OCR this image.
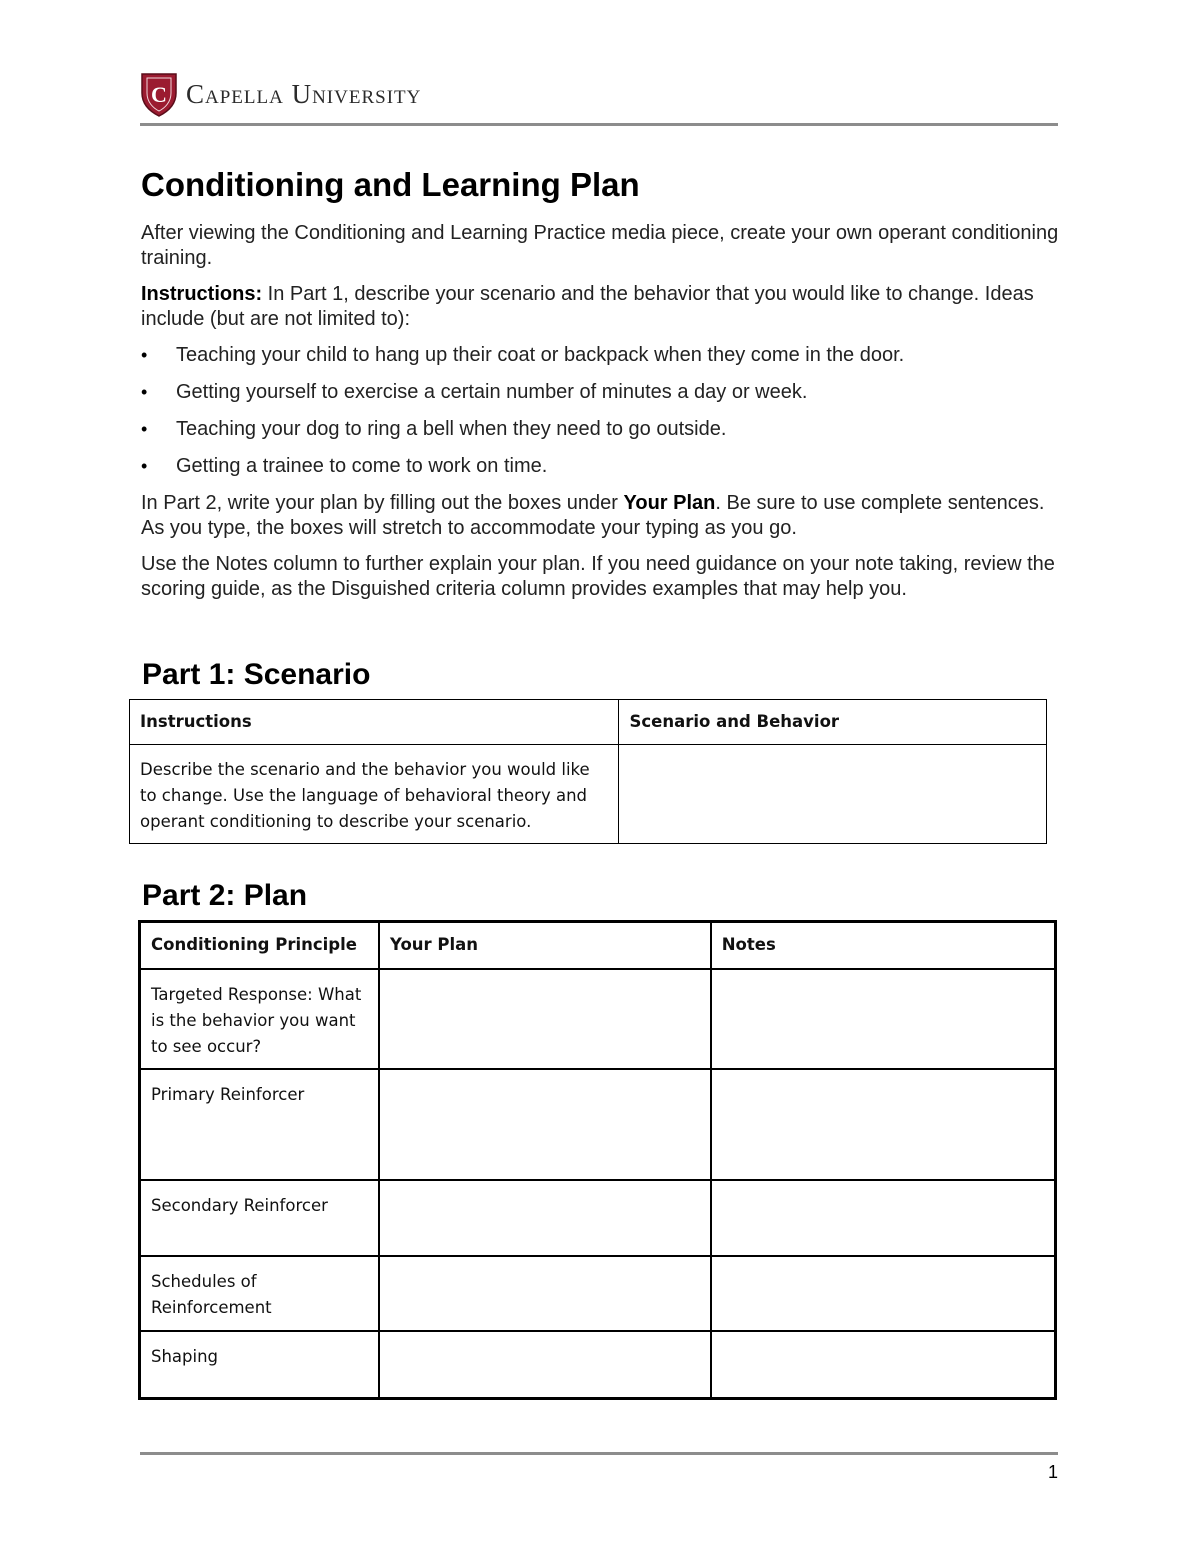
C Capella University
Conditioning and Learning Plan

After viewing the Conditioning and Learning Practice media piece, create your own operant conditioning training.

Instructions: In Part 1, describe your scenario and the behavior that you would like to change. Ideas include (but are not limited to):

• Teaching your child to hang up their coat or backpack when they come in the door.
• Getting yourself to exercise a certain number of minutes a day or week.
• Teaching your dog to ring a bell when they need to go outside.
• Getting a trainee to come to work on time.

In Part 2, write your plan by filling out the boxes under Your Plan. Be sure to use complete sentences. As you type, the boxes will stretch to accommodate your typing as you go.

Use the Notes column to further explain your plan. If you need guidance on your note taking, review the scoring guide, as the Disguished criteria column provides examples that may help you.

Part 1: Scenario
Instructions	Scenario and Behavior
Describe the scenario and the behavior you would like to change. Use the language of behavioral theory and operant conditioning to describe your scenario.	
Part 2: Plan
Conditioning Principle	Your Plan	Notes
Targeted Response: What is the behavior you want to see occur?		
Primary Reinforcer		
Secondary Reinforcer		
Schedules of Reinforcement		
Shaping		
1
